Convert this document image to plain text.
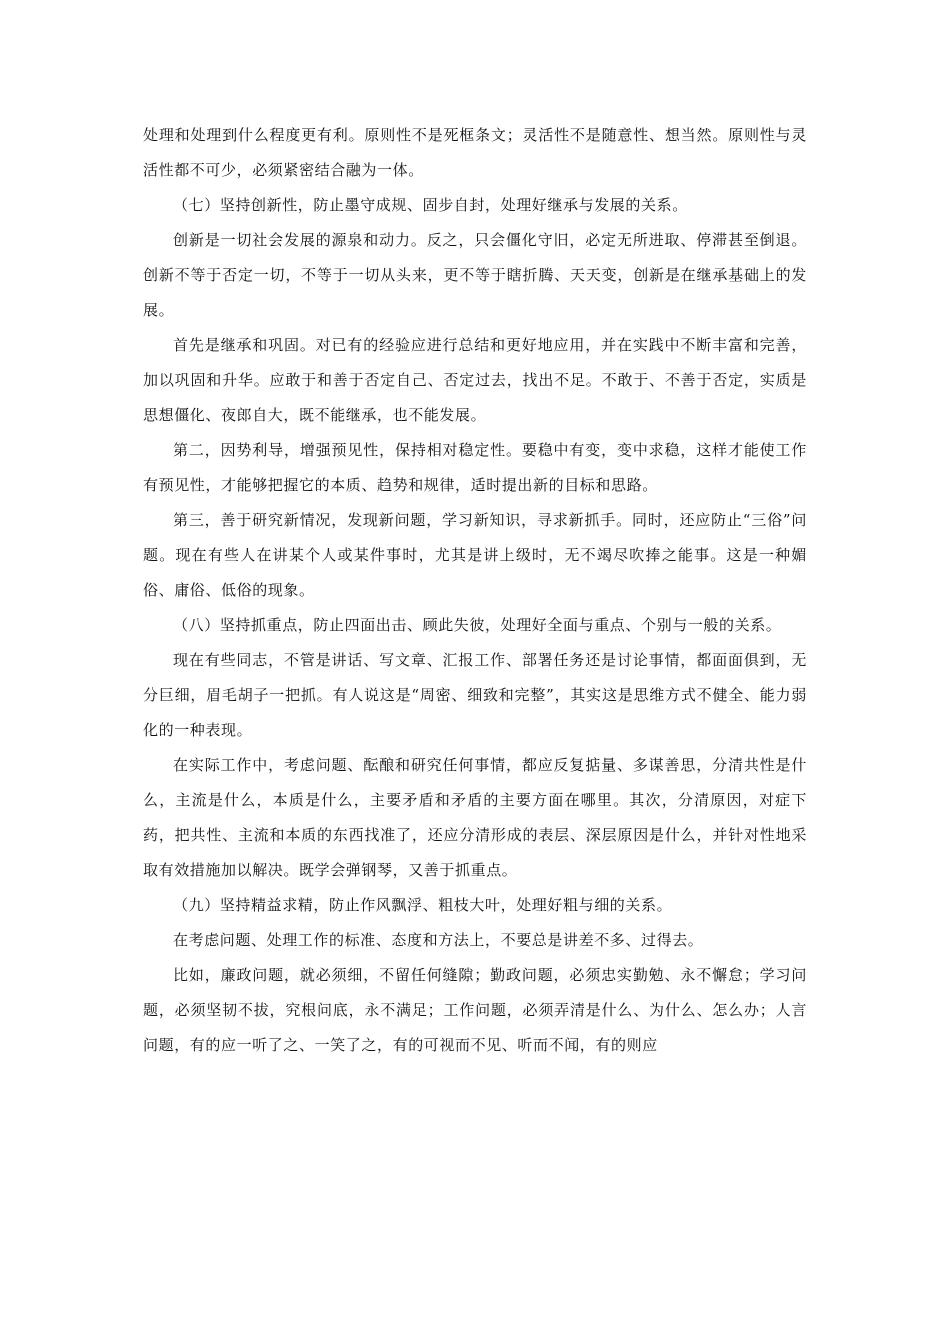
处理和处理到什么程度更有利。原则性不是死框条文；灵活性不是随意性、想当然。原则性与灵活性都不可少，必须紧密结合融为一体。

（七）坚持创新性，防止墨守成规、固步自封，处理好继承与发展的关系。

创新是一切社会发展的源泉和动力。反之，只会僵化守旧，必定无所进取、停滞甚至倒退。创新不等于否定一切，不等于一切从头来，更不等于瞎折腾、天天变，创新是在继承基础上的发展。

首先是继承和巩固。对已有的经验应进行总结和更好地应用，并在实践中不断丰富和完善，加以巩固和升华。应敢于和善于否定自己、否定过去，找出不足。不敢于、不善于否定，实质是思想僵化、夜郎自大，既不能继承，也不能发展。

第二，因势利导，增强预见性，保持相对稳定性。要稳中有变，变中求稳，这样才能使工作有预见性，才能够把握它的本质、趋势和规律，适时提出新的目标和思路。

第三，善于研究新情况，发现新问题，学习新知识，寻求新抓手。同时，还应防止“三俗”问题。现在有些人在讲某个人或某件事时，尤其是讲上级时，无不竭尽吹捧之能事。这是一种媚俗、庸俗、低俗的现象。

（八）坚持抓重点，防止四面出击、顾此失彼，处理好全面与重点、个别与一般的关系。

现在有些同志，不管是讲话、写文章、汇报工作、部署任务还是讨论事情，都面面俱到，无分巨细，眉毛胡子一把抓。有人说这是“周密、细致和完整”，其实这是思维方式不健全、能力弱化的一种表现。

在实际工作中，考虑问题、酝酿和研究任何事情，都应反复掂量、多谋善思，分清共性是什么，主流是什么，本质是什么，主要矛盾和矛盾的主要方面在哪里。其次，分清原因，对症下药，把共性、主流和本质的东西找准了，还应分清形成的表层、深层原因是什么，并针对性地采取有效措施加以解决。既学会弹钢琴，又善于抓重点。

（九）坚持精益求精，防止作风飘浮、粗枝大叶，处理好粗与细的关系。

在考虑问题、处理工作的标准、态度和方法上，不要总是讲差不多、过得去。

比如，廉政问题，就必须细，不留任何缝隙；勤政问题，必须忠实勤勉、永不懈怠；学习问题，必须坚韧不拔，究根问底，永不满足；工作问题，必须弄清是什么、为什么、怎么办；人言问题，有的应一听了之、一笑了之，有的可视而不见、听而不闻，有的则应
